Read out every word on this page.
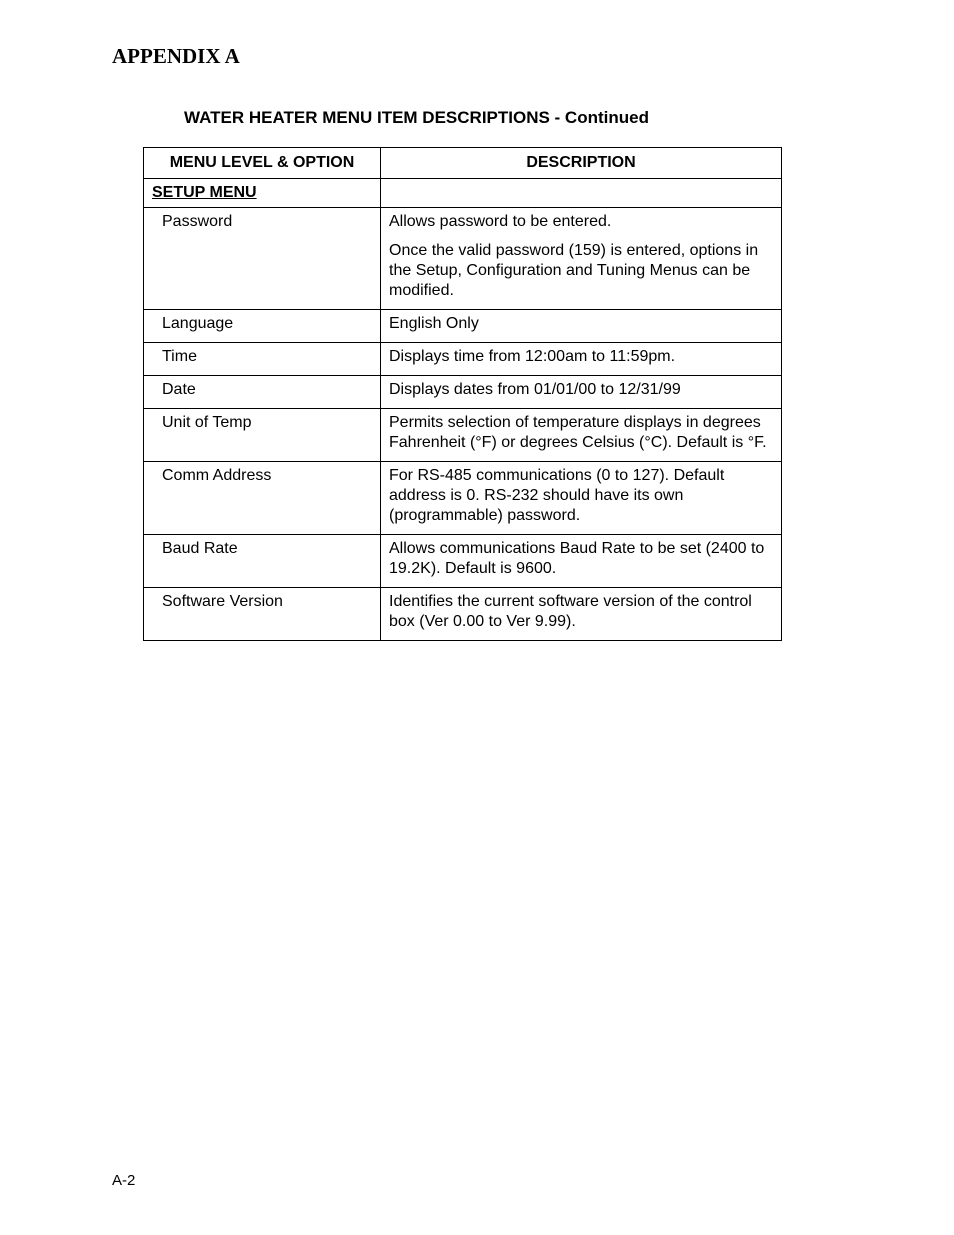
APPENDIX A
WATER HEATER MENU ITEM DESCRIPTIONS - Continued
MENU LEVEL & OPTION	DESCRIPTION
SETUP MENU	
Password	Allows password to be entered.
Once the valid password (159) is entered, options in the Setup, Configuration and Tuning Menus can be modified.

Language	English Only

Time	Displays time from 12:00am to 11:59pm.

Date	Displays dates from 01/01/00 to 12/31/99

Unit of Temp	Permits selection of temperature displays in degrees Fahrenheit (°F) or degrees Celsius (°C). Default is °F.

Comm Address	For RS-485 communications (0 to 127). Default address is 0. RS-232 should have its own (programmable) password.

Baud Rate	Allows communications Baud Rate to be set (2400 to 19.2K). Default is 9600.

Software Version	Identifies the current software version of the control box (Ver 0.00 to Ver 9.99).
A-2
